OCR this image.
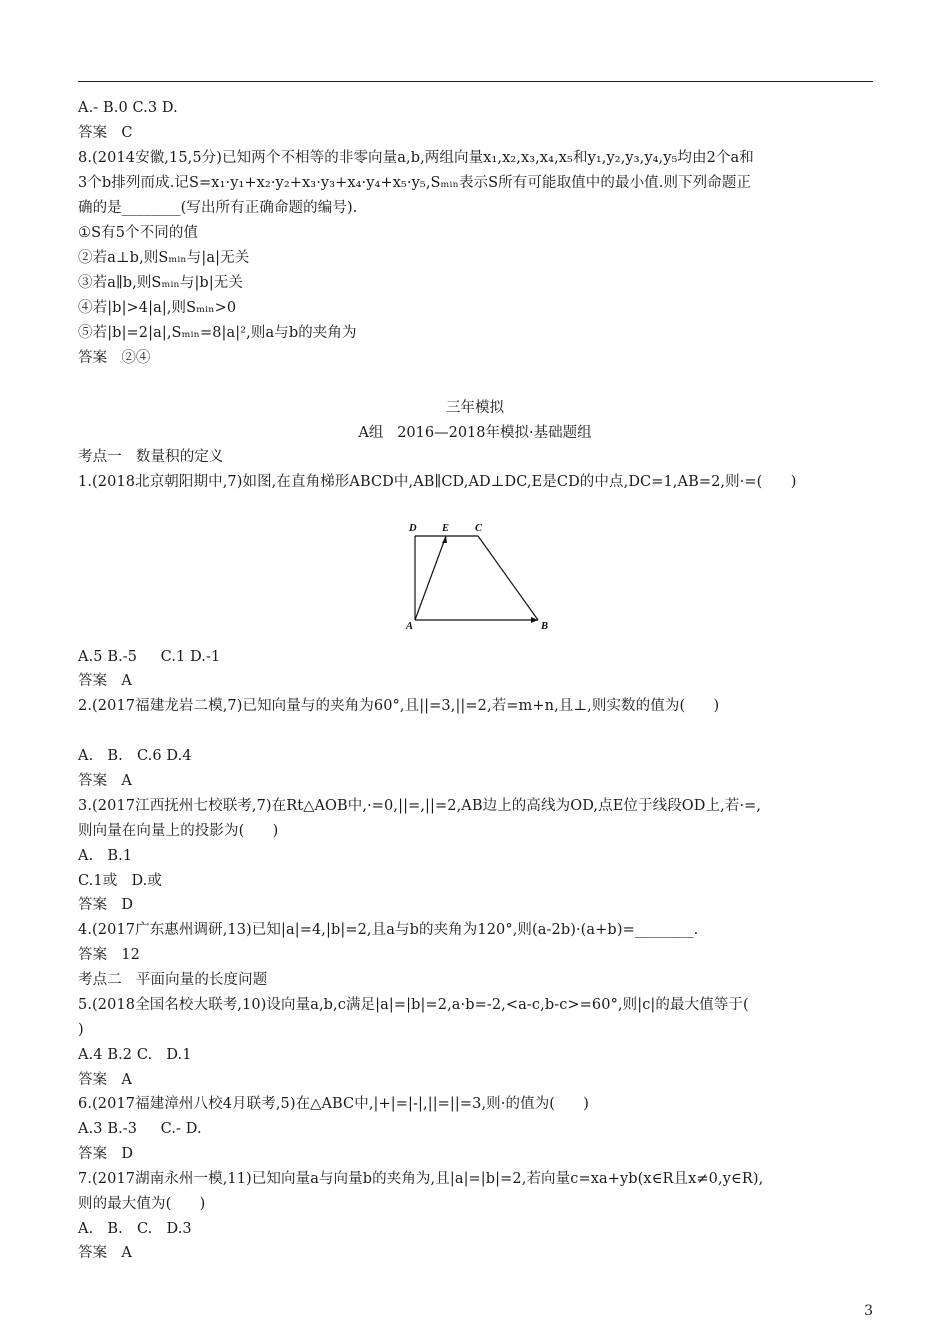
A.- B.0 C.3 D.
答案   C
8.(2014安徽,15,5分)已知两个不相等的非零向量a,b,两组向量x₁,x₂,x₃,x₄,x₅和y₁,y₂,y₃,y₄,y₅均由2个a和
3个b排列而成.记S=x₁·y₁+x₂·y₂+x₃·y₃+x₄·y₄+x₅·y₅,Sₘᵢₙ表示S所有可能取值中的最小值.则下列命题正
确的是________(写出所有正确命题的编号).
①S有5个不同的值
②若a⊥b,则Sₘᵢₙ与|a|无关
③若a∥b,则Sₘᵢₙ与|b|无关
④若|b|>4|a|,则Sₘᵢₙ>0
⑤若|b|=2|a|,Sₘᵢₙ=8|a|²,则a与b的夹角为
答案   ②④
三年模拟
A组   2016—2018年模拟·基础题组
考点一   数量积的定义
1.(2018北京朝阳期中,7)如图,在直角梯形ABCD中,AB∥CD,AD⊥DC,E是CD的中点,DC=1,AB=2,则·=(      )
D E C
A	B
A.5 B.-5     C.1 D.-1
答案   A
2.(2017福建龙岩二模,7)已知向量与的夹角为60°,且||=3,||=2,若=m+n,且⊥,则实数的值为(      )
A.   B.   C.6 D.4
答案   A
3.(2017江西抚州七校联考,7)在Rt△AOB中,·=0,||=,||=2,AB边上的高线为OD,点E位于线段OD上,若·=,
则向量在向量上的投影为(      )
A.   B.1
C.1或   D.或
答案   D
4.(2017广东惠州调研,13)已知|a|=4,|b|=2,且a与b的夹角为120°,则(a-2b)·(a+b)=________.
答案   12
考点二   平面向量的长度问题
5.(2018全国名校大联考,10)设向量a,b,c满足|a|=|b|=2,a·b=-2,<a-c,b-c>=60°,则|c|的最大值等于(
)
A.4 B.2 C.   D.1
答案   A
6.(2017福建漳州八校4月联考,5)在△ABC中,|+|=|-|,||=||=3,则·的值为(      )
A.3 B.-3     C.- D.
答案   D
7.(2017湖南永州一模,11)已知向量a与向量b的夹角为,且|a|=|b|=2,若向量c=xa+yb(x∈R且x≠0,y∈R),
则的最大值为(      )
A.   B.   C.   D.3
答案   A
3
